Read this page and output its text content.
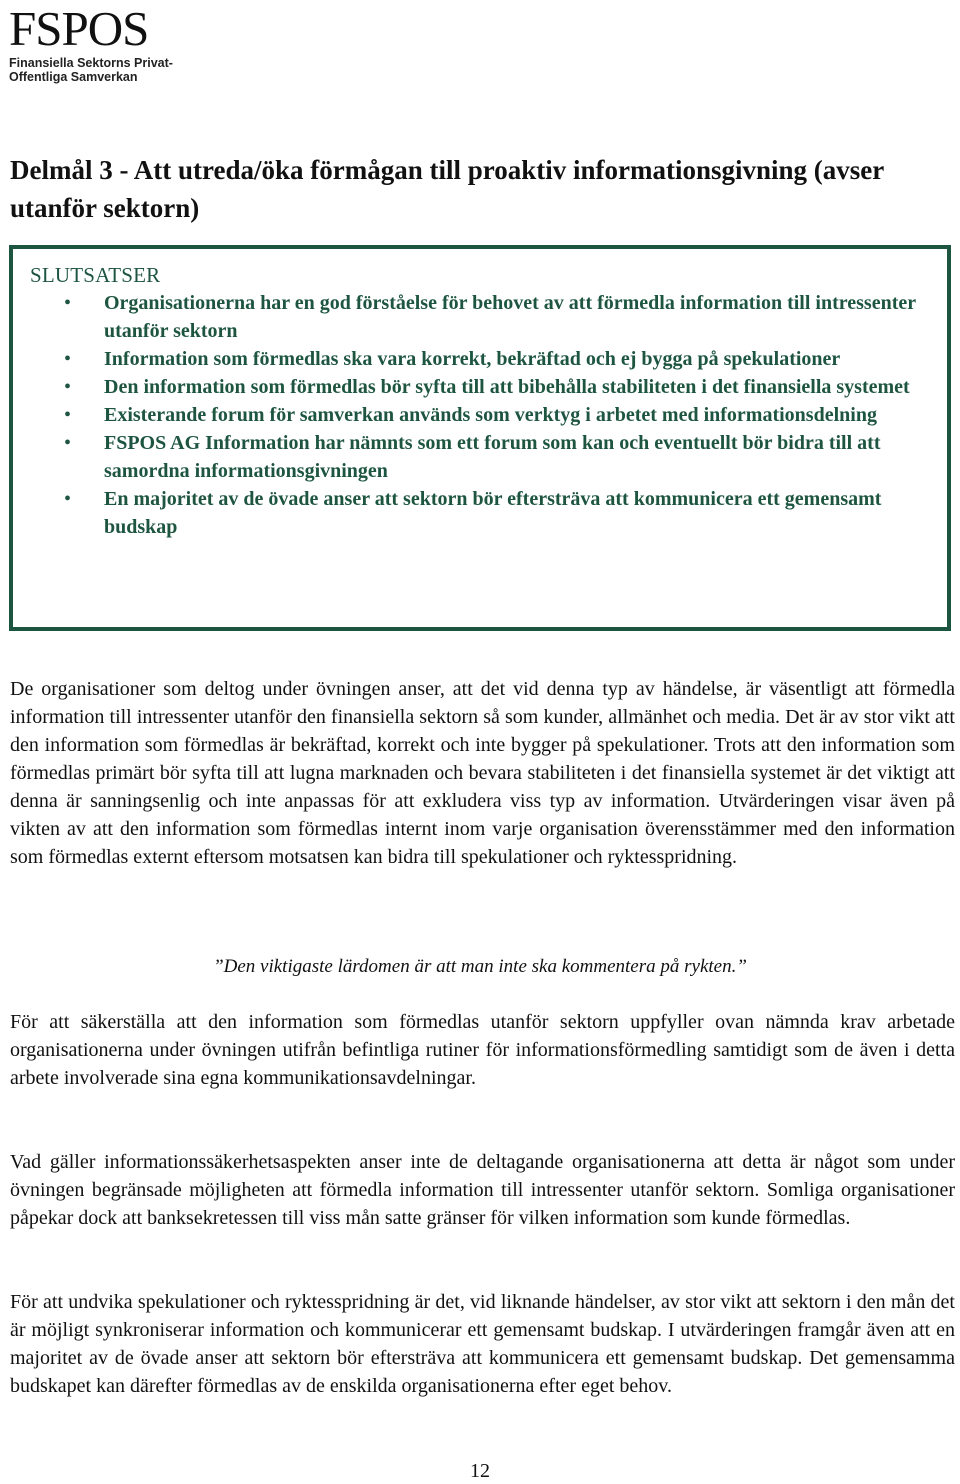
FSPOS
Finansiella Sektorns Privat-
Offentliga Samverkan
Delmål 3 - Att utreda/öka förmågan till proaktiv informationsgivning (avser utanför sektorn)
SLUTSATSER
• Organisationerna har en god förståelse för behovet av att förmedla information till intressenter utanför sektorn
• Information som förmedlas ska vara korrekt, bekräftad och ej bygga på spekulationer
• Den information som förmedlas bör syfta till att bibehålla stabiliteten i det finansiella systemet
• Existerande forum för samverkan används som verktyg i arbetet med informationsdelning
• FSPOS AG Information har nämnts som ett forum som kan och eventuellt bör bidra till att samordna informationsgivningen
• En majoritet av de övade anser att sektorn bör eftersträva att kommunicera ett gemensamt budskap

De organisationer som deltog under övningen anser, att det vid denna typ av händelse, är väsentligt att förmedla information till intressenter utanför den finansiella sektorn så som kunder, allmänhet och media. Det är av stor vikt att den information som förmedlas är bekräftad, korrekt och inte bygger på spekulationer. Trots att den information som förmedlas primärt bör syfta till att lugna marknaden och bevara stabiliteten i det finansiella systemet är det viktigt att denna är sanningsenlig och inte anpassas för att exkludera viss typ av information. Utvärderingen visar även på vikten av att den information som förmedlas internt inom varje organisation överensstämmer med den information som förmedlas externt eftersom motsatsen kan bidra till spekulationer och ryktesspridning.

”Den viktigaste lärdomen är att man inte ska kommentera på rykten.”

För att säkerställa att den information som förmedlas utanför sektorn uppfyller ovan nämnda krav arbetade organisationerna under övningen utifrån befintliga rutiner för informationsförmedling samtidigt som de även i detta arbete involverade sina egna kommunikationsavdelningar.

Vad gäller informationssäkerhetsaspekten anser inte de deltagande organisationerna att detta är något som under övningen begränsade möjligheten att förmedla information till intressenter utanför sektorn. Somliga organisationer påpekar dock att banksekretessen till viss mån satte gränser för vilken information som kunde förmedlas.

För att undvika spekulationer och ryktesspridning är det, vid liknande händelser, av stor vikt att sektorn i den mån det är möjligt synkroniserar information och kommunicerar ett gemensamt budskap. I utvärderingen framgår även att en majoritet av de övade anser att sektorn bör eftersträva att kommunicera ett gemensamt budskap. Det gemensamma budskapet kan därefter förmedlas av de enskilda organisationerna efter eget behov.

12
